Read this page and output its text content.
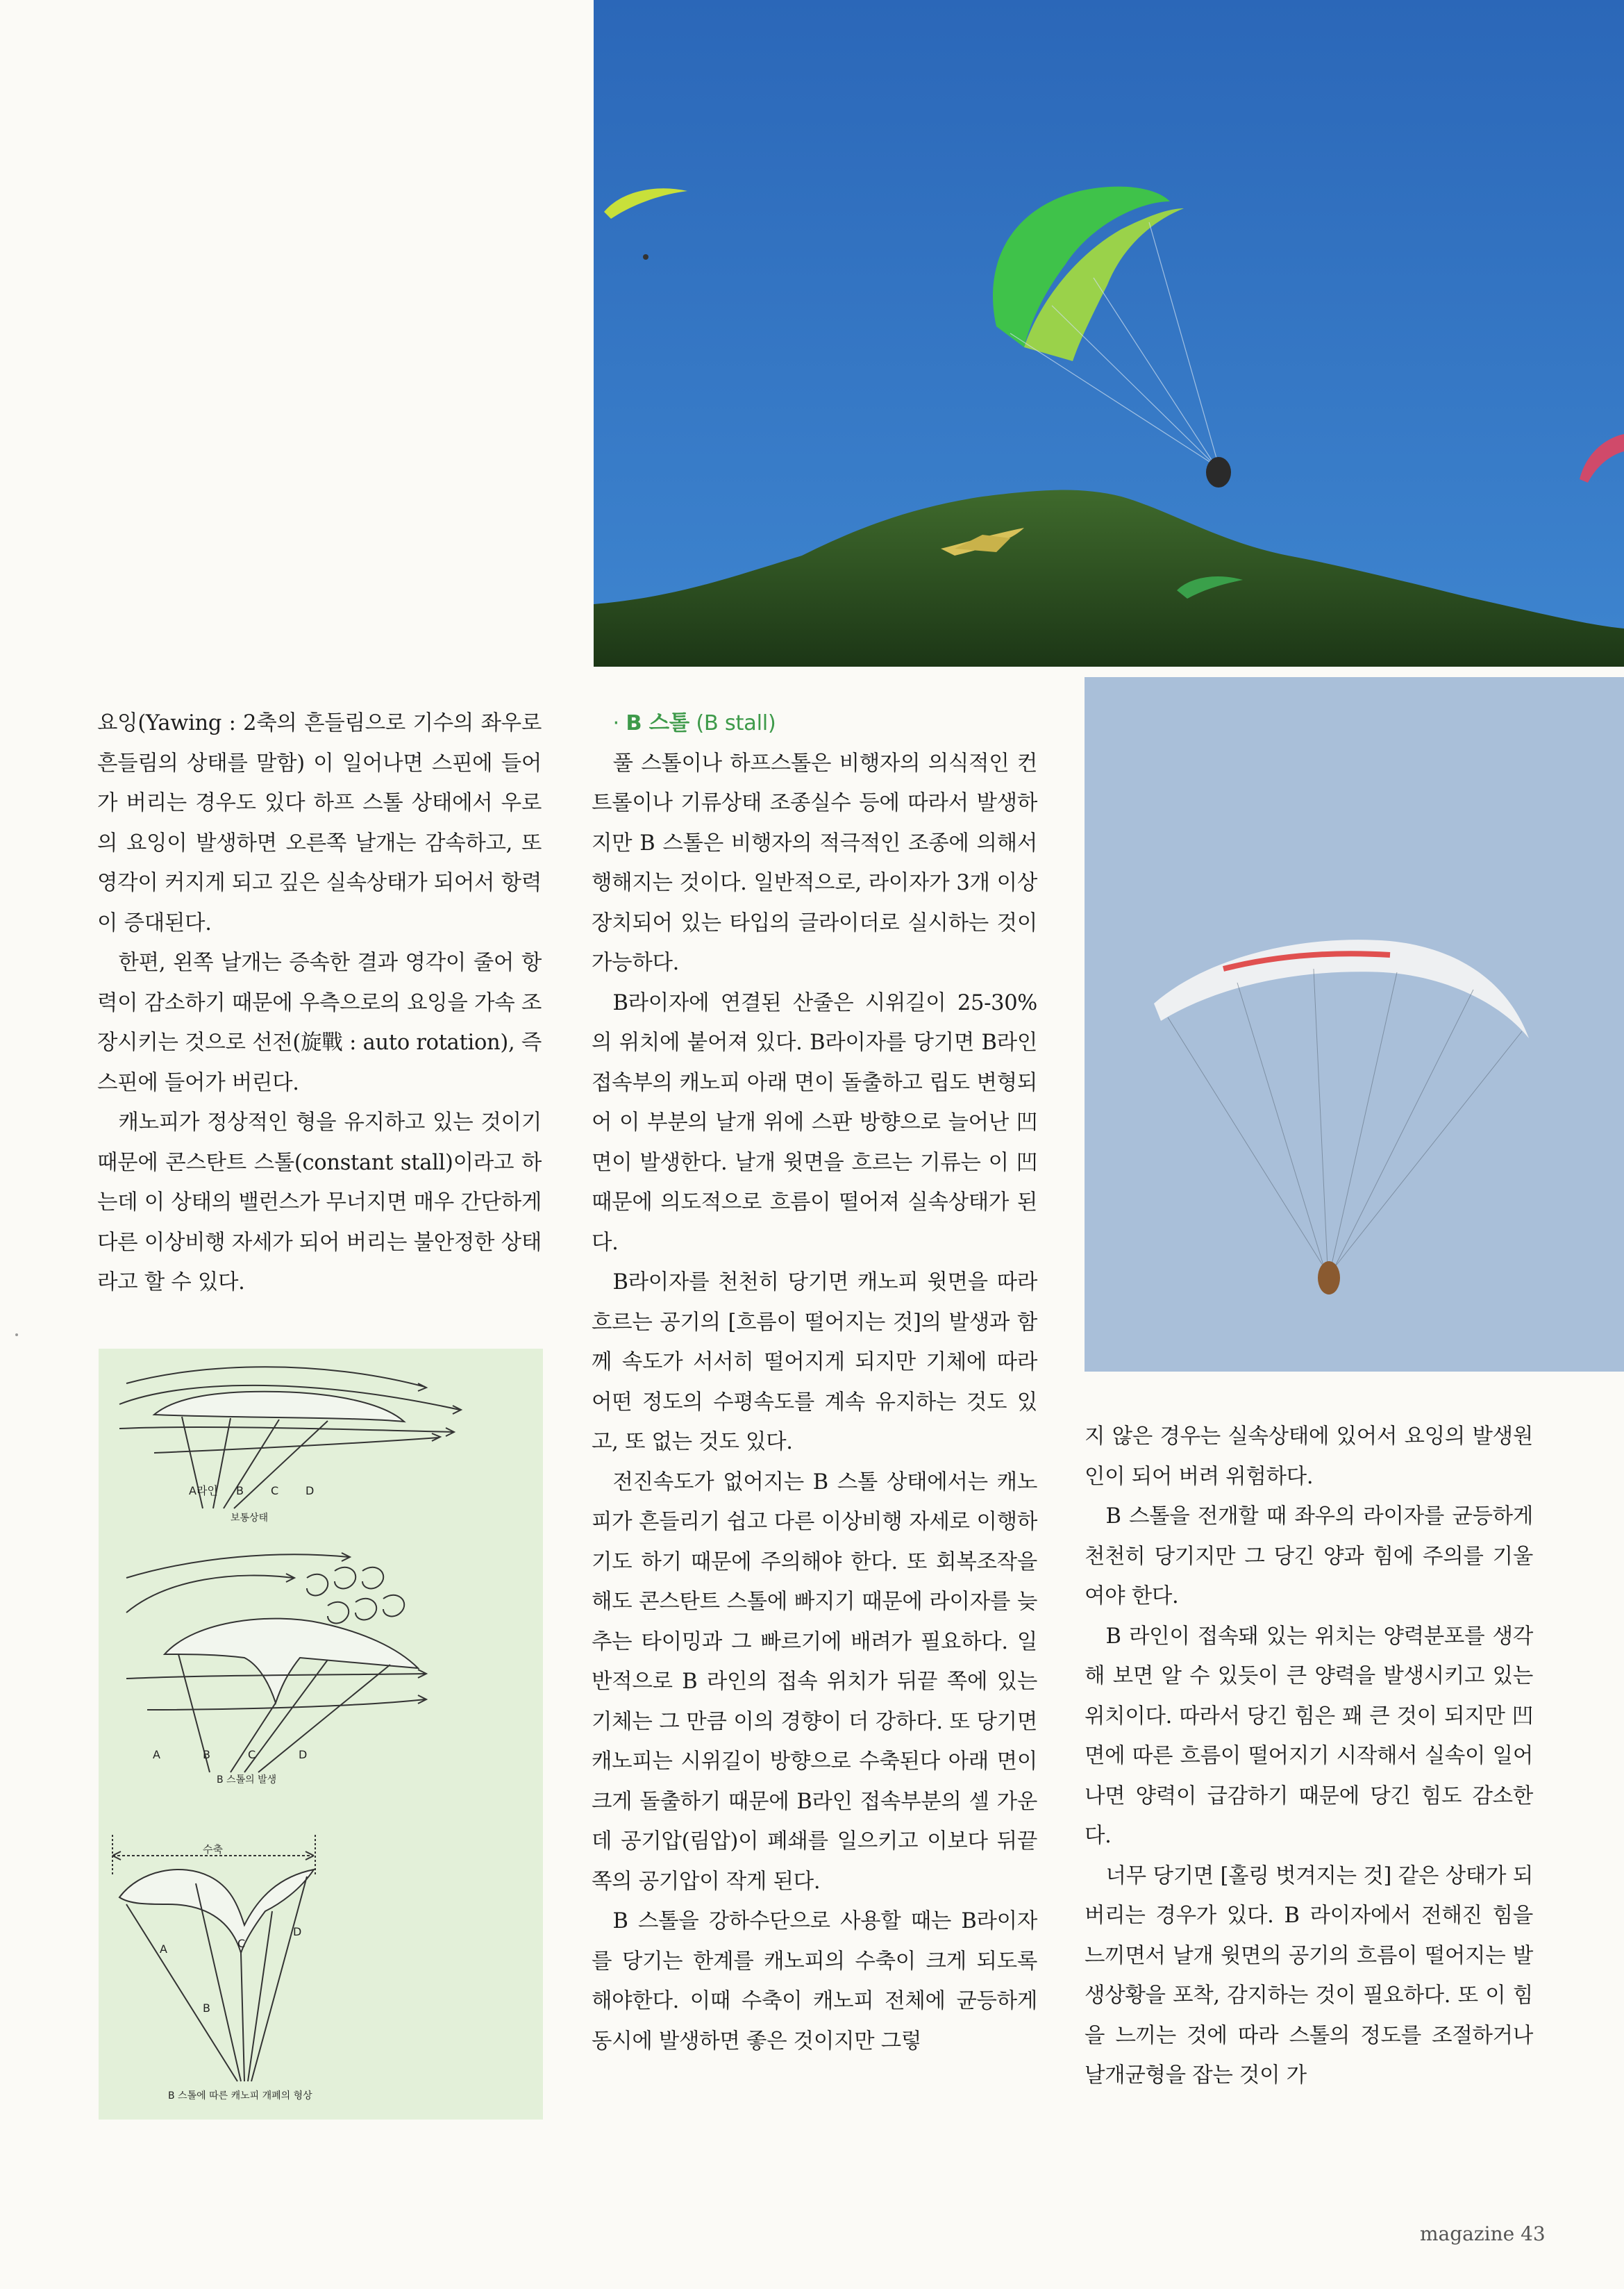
요잉(Yawing : 2축의 흔들림으로 기수의 좌우로 흔들림의 상태를 말함) 이 일어나면 스핀에 들어가 버리는 경우도 있다 하프 스톨 상태에서 우로의 요잉이 발생하면 오른쪽 날개는 감속하고, 또 영각이 커지게 되고 깊은 실속상태가 되어서 항력이 증대된다.

한편, 왼쪽 날개는 증속한 결과 영각이 줄어 항력이 감소하기 때문에 우측으로의 요잉을 가속 조장시키는 것으로 선전(旋戰 : auto rotation), 즉 스핀에 들어가 버린다.

캐노피가 정상적인 형을 유지하고 있는 것이기 때문에 콘스탄트 스톨(constant stall)이라고 하는데 이 상태의 밸런스가 무너지면 매우 간단하게 다른 이상비행 자세가 되어 버리는 불안정한 상태라고 할 수 있다.

· B 스톨 (B stall)

풀 스톨이나 하프스톨은 비행자의 의식적인 컨트롤이나 기류상태 조종실수 등에 따라서 발생하지만 B 스톨은 비행자의 적극적인 조종에 의해서 행해지는 것이다. 일반적으로, 라이자가 3개 이상 장치되어 있는 타입의 글라이더로 실시하는 것이 가능하다.

B라이자에 연결된 산줄은 시위길이 25-30%의 위치에 붙어져 있다. B라이자를 당기면 B라인 접속부의 캐노피 아래 면이 돌출하고 립도 변형되어 이 부분의 날개 위에 스판 방향으로 늘어난 凹면이 발생한다. 날개 윗면을 흐르는 기류는 이 凹 때문에 의도적으로 흐름이 떨어져 실속상태가 된다.

B라이자를 천천히 당기면 캐노피 윗면을 따라 흐르는 공기의 [흐름이 떨어지는 것]의 발생과 함께 속도가 서서히 떨어지게 되지만 기체에 따라 어떤 정도의 수평속도를 계속 유지하는 것도 있고, 또 없는 것도 있다.

전진속도가 없어지는 B 스톨 상태에서는 캐노피가 흔들리기 쉽고 다른 이상비행 자세로 이행하기도 하기 때문에 주의해야 한다. 또 회복조작을 해도 콘스탄트 스톨에 빠지기 때문에 라이자를 늦추는 타이밍과 그 빠르기에 배려가 필요하다. 일반적으로 B 라인의 접속 위치가 뒤끝 쪽에 있는 기체는 그 만큼 이의 경향이 더 강하다. 또 당기면 캐노피는 시위길이 방향으로 수축된다 아래 면이 크게 돌출하기 때문에 B라인 접속부분의 셀 가운데 공기압(림압)이 폐쇄를 일으키고 이보다 뒤끝 쪽의 공기압이 작게 된다.

B 스톨을 강하수단으로 사용할 때는 B라이자를 당기는 한계를 캐노피의 수축이 크게 되도록 해야한다. 이때 수축이 캐노피 전체에 균등하게 동시에 발생하면 좋은 것이지만 그렇

지 않은 경우는 실속상태에 있어서 요잉의 발생원인이 되어 버려 위험하다.

B 스톨을 전개할 때 좌우의 라이자를 균등하게 천천히 당기지만 그 당긴 양과 힘에 주의를 기울여야 한다.

B 라인이 접속돼 있는 위치는 양력분포를 생각해 보면 알 수 있듯이 큰 양력을 발생시키고 있는 위치이다. 따라서 당긴 힘은 꽤 큰 것이 되지만 凹면에 따른 흐름이 떨어지기 시작해서 실속이 일어나면 양력이 급감하기 때문에 당긴 힘도 감소한다.

너무 당기면 [홀링 벗겨지는 것] 같은 상태가 되버리는 경우가 있다. B 라이자에서 전해진 힘을 느끼면서 날개 윗면의 공기의 흐름이 떨어지는 발생상황을 포착, 감지하는 것이 필요하다. 또 이 힘을 느끼는 것에 따라 스톨의 정도를 조절하거나 날개균형을 잡는 것이 가

A라인 B C D
보통상태
A	B	C	D
B 스톨의 발생
수축
A
B
C
D
B 스톨에 따른 캐노피 개폐의 형상
magazine 43
